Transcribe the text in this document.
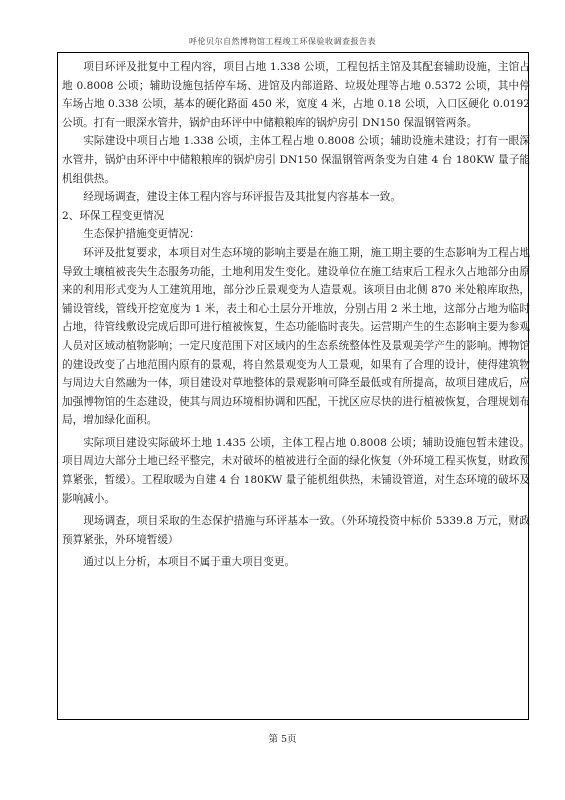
呼伦贝尔自然博物馆工程竣工环保验收调查报告表

项目环评及批复中工程内容，项目占地 1.338 公顷，工程包括主馆及其配套辅助设施，主馆占地 0.8008 公顷；辅助设施包括停车场、进馆及内部道路、垃圾处理等占地 0.5372 公顷，其中停车场占地 0.338 公顷，基本的硬化路面 450 米，宽度 4 米，占地 0.18 公顷，入口区硬化 0.0192 公顷。打有一眼深水管井，锅炉由环评中中储粮粮库的锅炉房引 DN150 保温钢管两条。

实际建设中项目占地 1.338 公顷，主体工程占地 0.8008 公顷；辅助设施未建设；打有一眼深水管井，锅炉由环评中中储粮粮库的锅炉房引 DN150 保温钢管两条变为自建 4 台 180KW 量子能机组供热。

经现场调查，建设主体工程内容与环评报告及其批复内容基本一致。

2、环保工程变更情况

生态保护措施变更情况：

环评及批复要求，本项目对生态环境的影响主要是在施工期，施工期主要的生态影响为工程占地导致土壤植被丧失生态服务功能，土地利用发生变化。建设单位在施工结束后工程永久占地部分由原来的利用形式变为人工建筑用地，部分沙丘景观变为人造景观。该项目由北侧 870 米处粮库取热，铺设管线，管线开挖宽度为 1 米，表土和心土层分开堆放，分别占用 2 米土地，这部分占地为临时占地，待管线敷设完成后即可进行植被恢复，生态功能临时丧失。运营期产生的生态影响主要为参观人员对区域动植物影响；一定尺度范围下对区域内的生态系统整体性及景观美学产生的影响。博物馆的建设改变了占地范围内原有的景观，将自然景观变为人工景观，如果有了合理的设计，使得建筑物与周边大自然融为一体，项目建设对草地整体的景观影响可降至最低或有所提高，故项目建成后，应加强博物馆的生态建设，使其与周边环境相协调和匹配，干扰区应尽快的进行植被恢复，合理规划布局，增加绿化面积。

实际项目建设实际破坏土地 1.435 公顷，主体工程占地 0.8008 公顷；辅助设施包暂未建设。项目周边大部分土地已经平整完，未对破坏的植被进行全面的绿化恢复（外环境工程买恢复，财政预算紧张，暂缓）。工程取暖为自建 4 台 180KW 量子能机组供热，未铺设管道，对生态环境的破坏及影响减小。

现场调查，项目采取的生态保护措施与环评基本一致。（外环境投资中标价 5339.8 万元，财政预算紧张，外环境暂缓）

通过以上分析，本项目不属于重大项目变更。

第 5页
